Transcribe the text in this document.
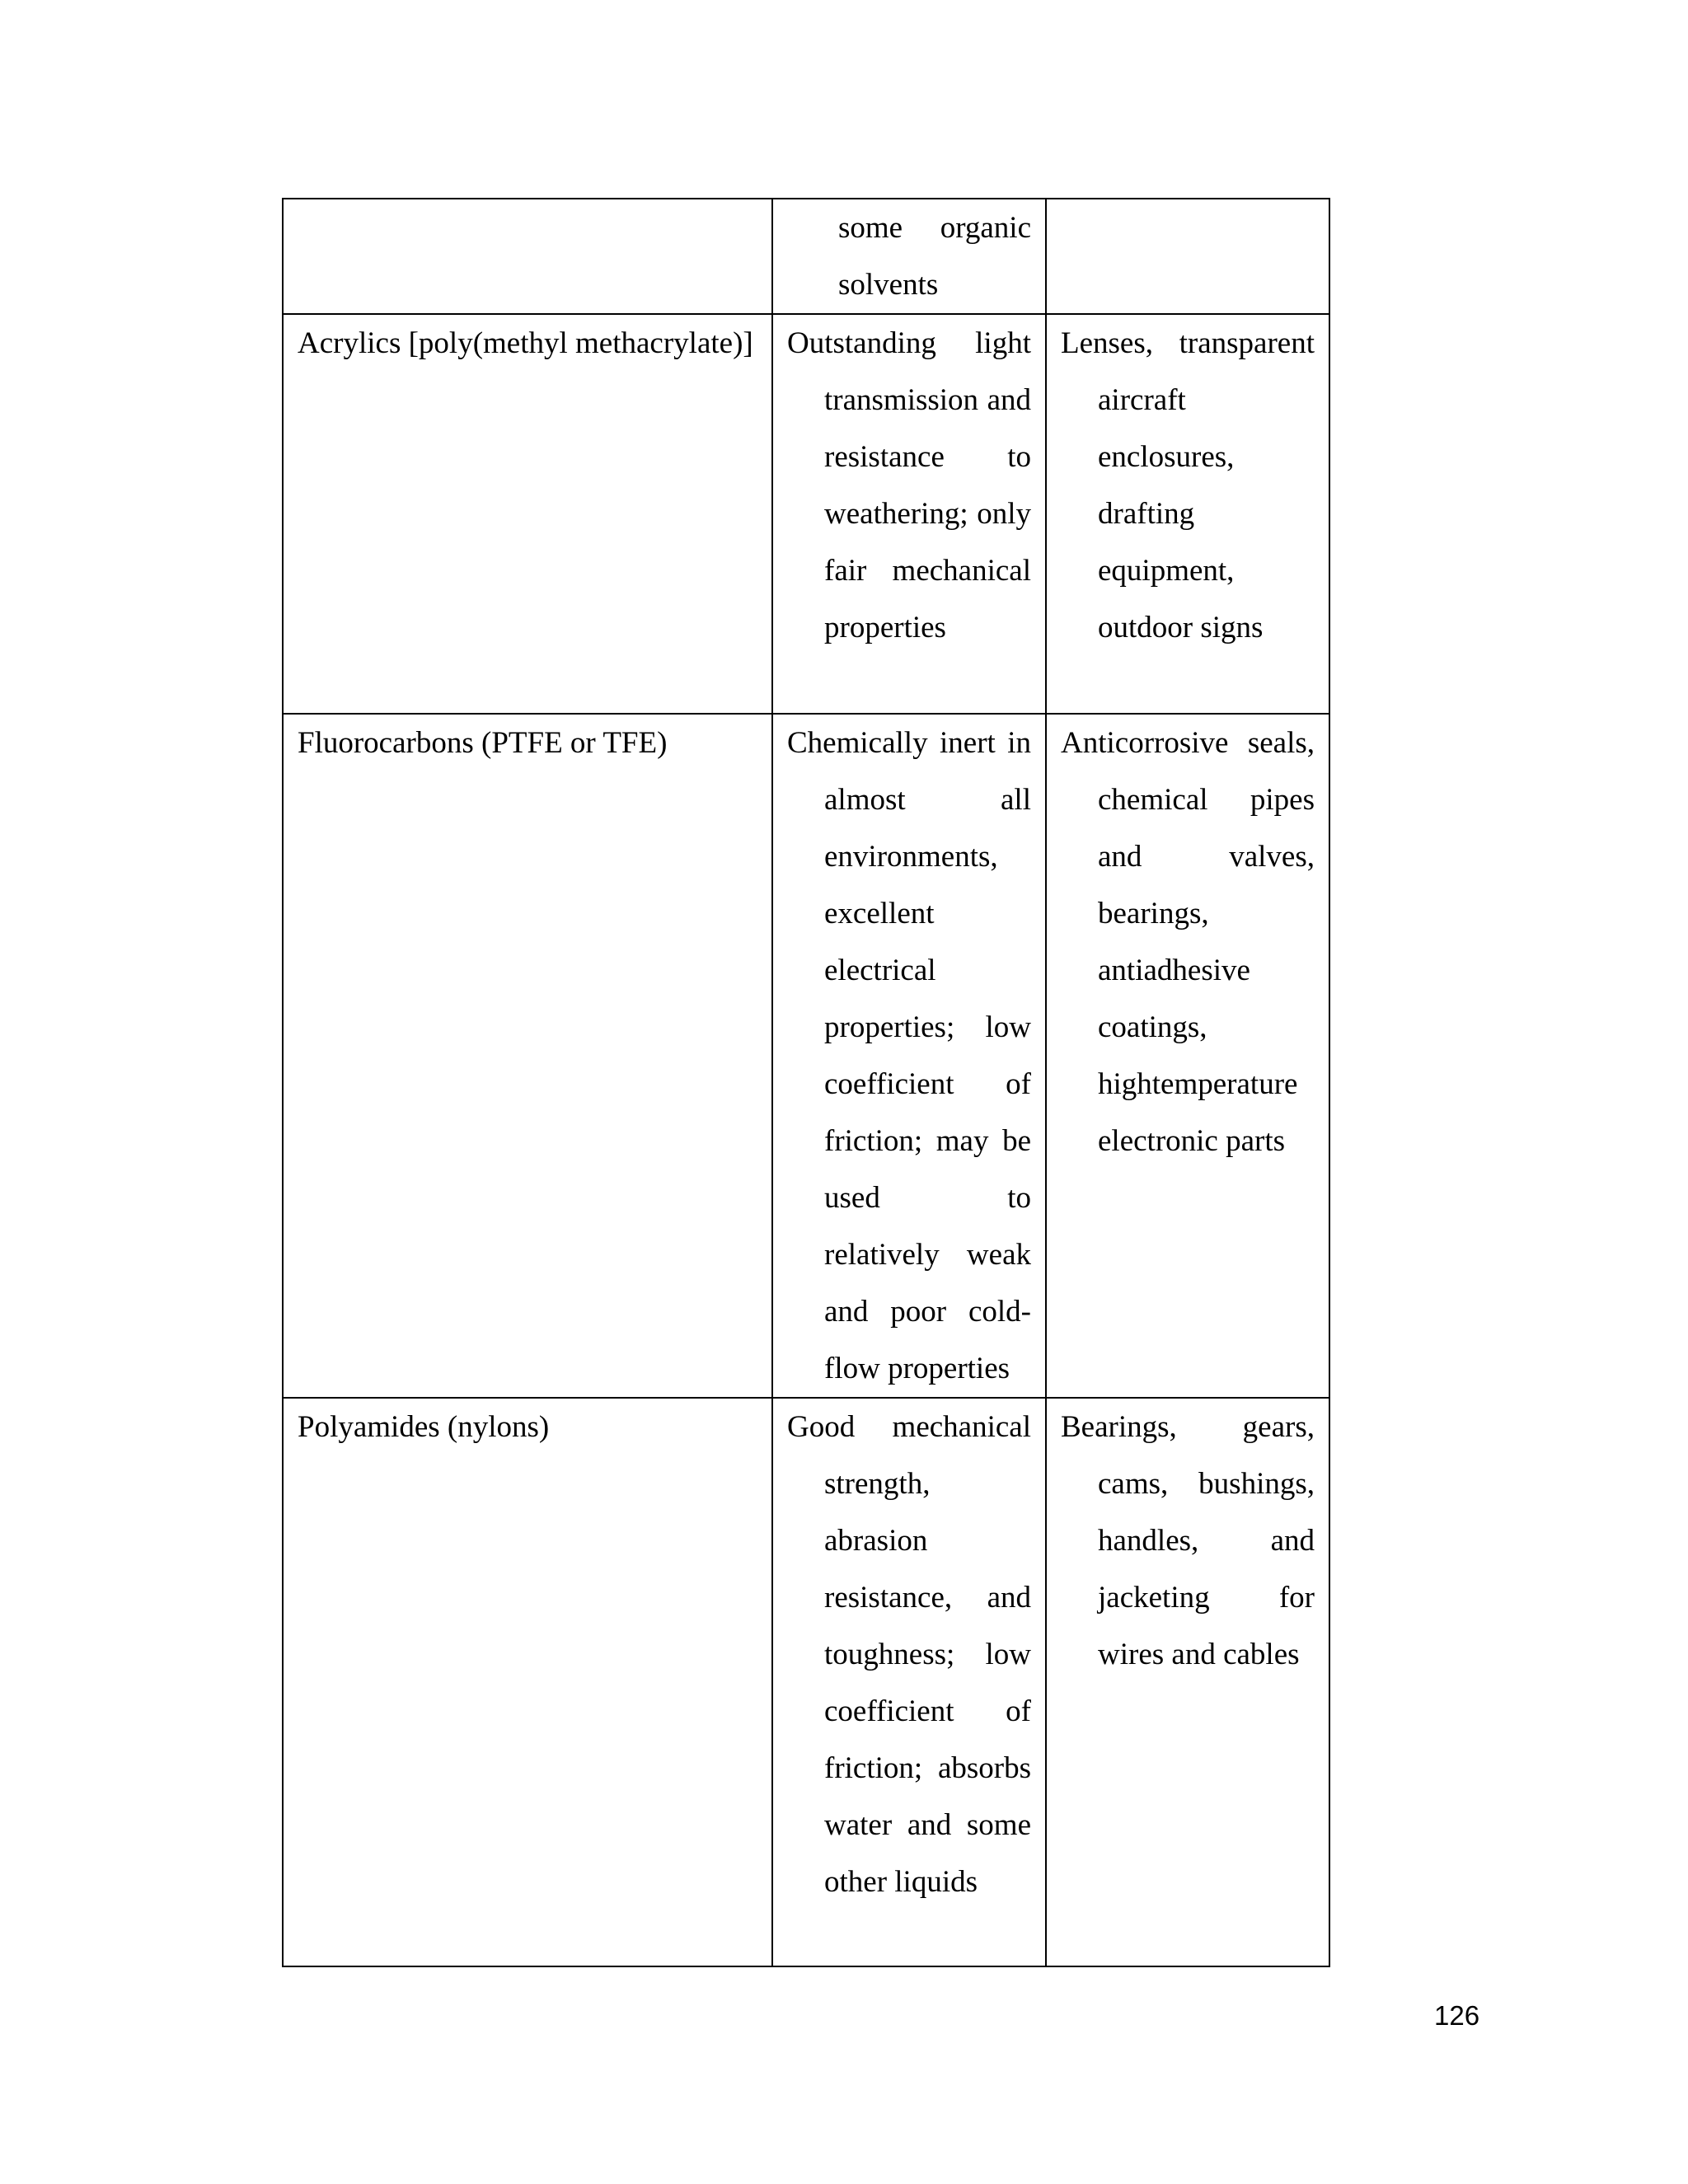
	some organic solvents	

Acrylics [poly(methyl methacrylate)]	Outstanding light transmission and resistance to weathering; only fair mechanical properties	Lenses, transparent aircraft enclosures, drafting equipment, outdoor signs

Fluorocarbons (PTFE or TFE)	Chemically inert in almost all environments, excellent electrical properties; low coefficient of friction; may be used to relatively weak and poor cold-flow properties	Anticorrosive seals, chemical pipes and valves, bearings, antiadhesive coatings, hightemperature electronic parts

Polyamides (nylons)	Good mechanical strength, abrasion resistance, and toughness; low coefficient of friction; absorbs water and some other liquids	Bearings, gears, cams, bushings, handles, and jacketing for wires and cables
126
